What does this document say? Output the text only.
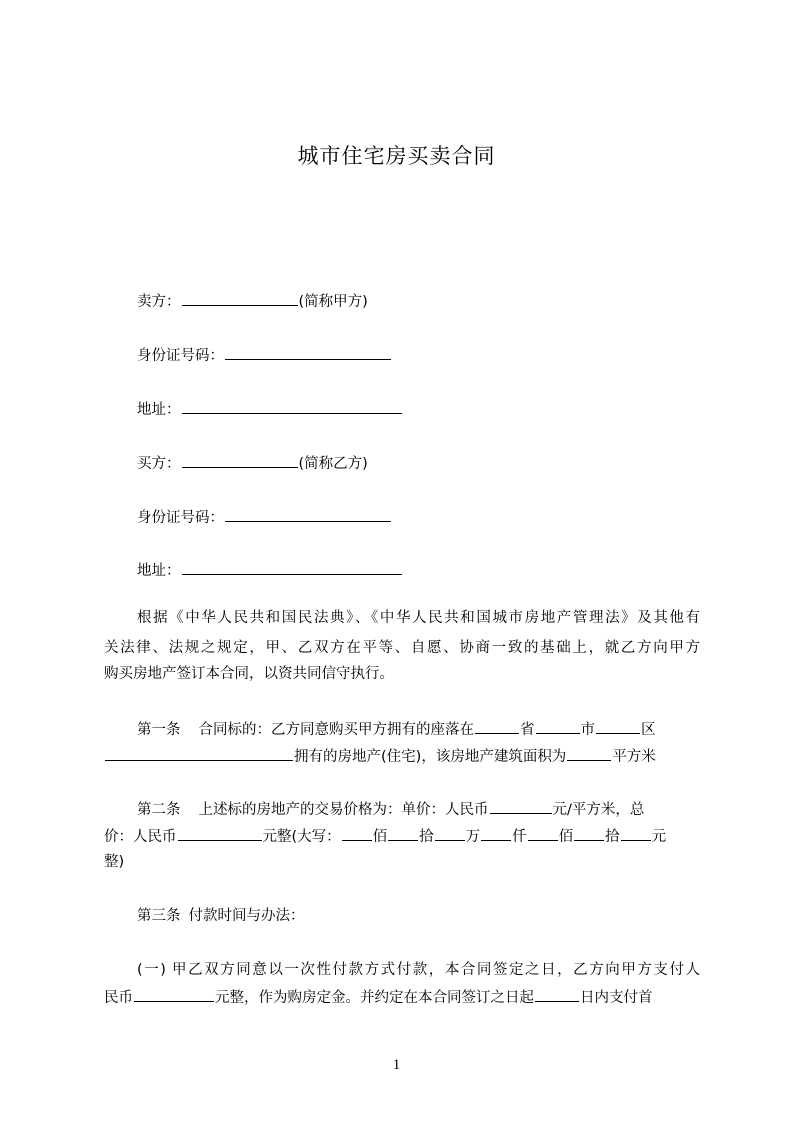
城市住宅房买卖合同
卖方：	(简称甲方)
身份证号码：
地址：
买方：	(简称乙方)
身份证号码：
地址：
根据《中华人民共和国民法典》、《中华人民共和国城市房地产管理法》及其他有
关法律、法规之规定，甲、乙双方在平等、自愿、协商一致的基础上，就乙方向甲方
购买房地产签订本合同，以资共同信守执行。
第一条 合同标的：乙方同意购买甲方拥有的座落在	省	市	区
拥有的房地产(住宅)，该房地产建筑面积为	平方米
第二条 上述标的房地产的交易价格为：单价：人民币	元/平方米，总
价：人民币	元整(大写： 佰 拾 万 仟 佰 拾 元
整)
第三条 付款时间与办法：
(一) 甲乙双方同意以一次性付款方式付款，本合同签定之日，乙方向甲方支付人
民币	元整，作为购房定金。并约定在本合同签订之日起	日内支付首
1
